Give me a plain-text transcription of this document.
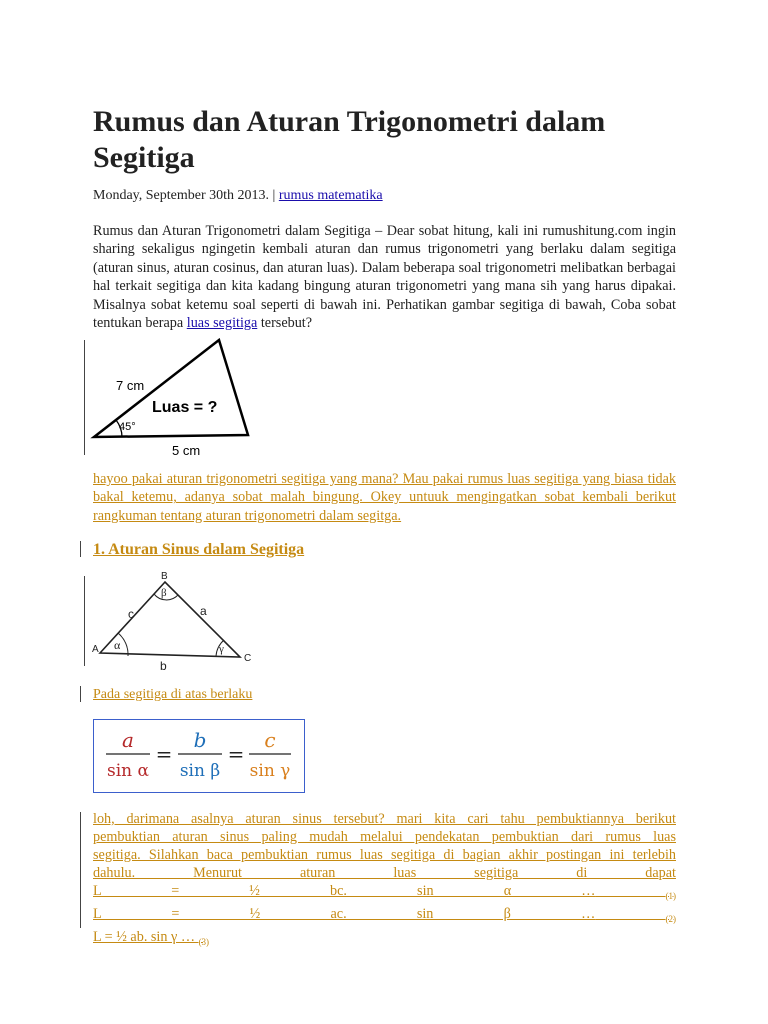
Rumus dan Aturan Trigonometri dalam Segitiga
Monday, September 30th 2013. | rumus matematika

Rumus dan Aturan Trigonometri dalam Segitiga – Dear sobat hitung, kali ini rumushitung.com ingin sharing sekaligus ngingetin kembali aturan dan rumus trigonometri yang berlaku dalam segitiga (aturan sinus, aturan cosinus, dan aturan luas). Dalam beberapa soal trigonometri melibatkan berbagai hal terkait segitiga dan kita kadang bingung aturan trigonometri yang mana sih yang harus dipakai. Misalnya sobat ketemu soal seperti di bawah ini. Perhatikan gambar segitiga di bawah, Coba sobat tentukan berapa luas segitiga tersebut?

7 cm
Luas = ?
45°
5 cm

hayoo pakai aturan trigonometri segitiga yang mana? Mau pakai rumus luas segitiga yang biasa tidak bakal ketemu, adanya sobat malah bingung. Okey untuuk mengingatkan sobat kembali berikut rangkuman tentang aturan trigonometri dalam segitga.

1. Aturan Sinus dalam Segitiga
B
A
C
c	a
b
α
β
γ
Pada segitiga di atas berlaku
a
sin α
=
b
sin β
=
c
sin γ
loh, darimana asalnya aturan sinus tersebut? mari kita cari tahu pembuktiannya berikut
pembuktian aturan sinus paling mudah melalui pendekatan pembuktian dari rumus luas
segitiga. Silahkan baca pembuktian rumus luas segitiga di bagian akhir postingan ini terlebih
dahulu. Menurut aturan luas segitiga di dapat
L = ½ bc. sin α …	$_{(1)}$
L = ½ ac. sin β …	$_{(2)}$
L = ½ ab. sin γ … $_{(3)}$
